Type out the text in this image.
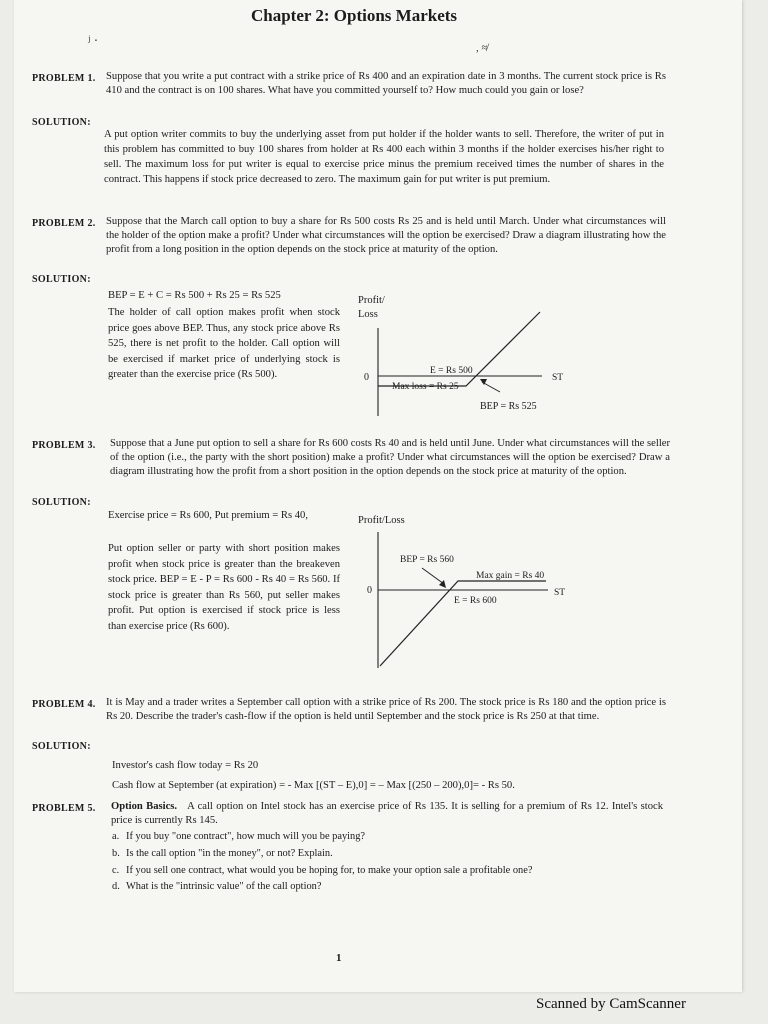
Chapter 2: Options Markets
ʲ ·	, ≉
PROBLEM 1. Suppose that you write a put contract with a strike price of Rs 400 and an expiration date in 3 months. The current stock price is Rs 410 and the contract is on 100 shares. What have you committed yourself to? How much could you gain or lose?
SOLUTION:
A put option writer commits to buy the underlying asset from put holder if the holder wants to sell. Therefore, the writer of put in this problem has committed to buy 100 shares from holder at Rs 400 each within 3 months if the holder exercises his/her right to sell. The maximum loss for put writer is equal to exercise price minus the premium received times the number of shares in the contract. This happens if stock price decreased to zero. The maximum gain for put writer is put premium.
PROBLEM 2. Suppose that the March call option to buy a share for Rs 500 costs Rs 25 and is held until March. Under what circumstances will the holder of the option make a profit? Under what circumstances will the option be exercised? Draw a diagram illustrating how the profit from a long position in the option depends on the stock price at maturity of the option.
SOLUTION:
BEP = E + C = Rs 500 + Rs 25 = Rs 525
The holder of call option makes profit when stock price goes above BEP. Thus, any stock price above Rs 525, there is net profit to the holder. Call option will be exercised if market price of underlying stock is greater than the exercise price (Rs 500).
Profit/
Loss
0	ST
E = Rs 500
Max loss = Rs 25
BEP = Rs 525
PROBLEM 3. Suppose that a June put option to sell a share for Rs 600 costs Rs 40 and is held until June. Under what circumstances will the seller of the option (i.e., the party with the short position) make a profit? Under what circumstances will the option be exercised? Draw a diagram illustrating how the profit from a short position in the option depends on the stock price at maturity of the option.
SOLUTION:
Exercise price = Rs 600, Put premium = Rs 40,
Put option seller or party with short position makes profit when stock price is greater than the breakeven stock price. BEP = E - P = Rs 600 - Rs 40 = Rs 560. If stock price is greater than Rs 560, put seller makes profit. Put option is exercised if stock price is less than exercise price (Rs 600).
Profit/Loss
0	ST
BEP = Rs 560
Max gain = Rs 40
E = Rs 600
PROBLEM 4. It is May and a trader writes a September call option with a strike price of Rs 200. The stock price is Rs 180 and the option price is Rs 20. Describe the trader's cash-flow if the option is held until September and the stock price is Rs 250 at that time.
SOLUTION:
Investor's cash flow today = Rs 20
Cash flow at September (at expiration) = - Max [(ST – E),0] = – Max [(250 – 200),0]= - Rs 50.
PROBLEM 5. Option Basics. A call option on Intel stock has an exercise price of Rs 135. It is selling for a premium of Rs 12. Intel's stock price is currently Rs 145.
a. If you buy "one contract", how much will you be paying?
b. Is the call option "in the money", or not? Explain.
c. If you sell one contract, what would you be hoping for, to make your option sale a profitable one?
d. What is the "intrinsic value" of the call option?
1
Scanned by CamScanner
